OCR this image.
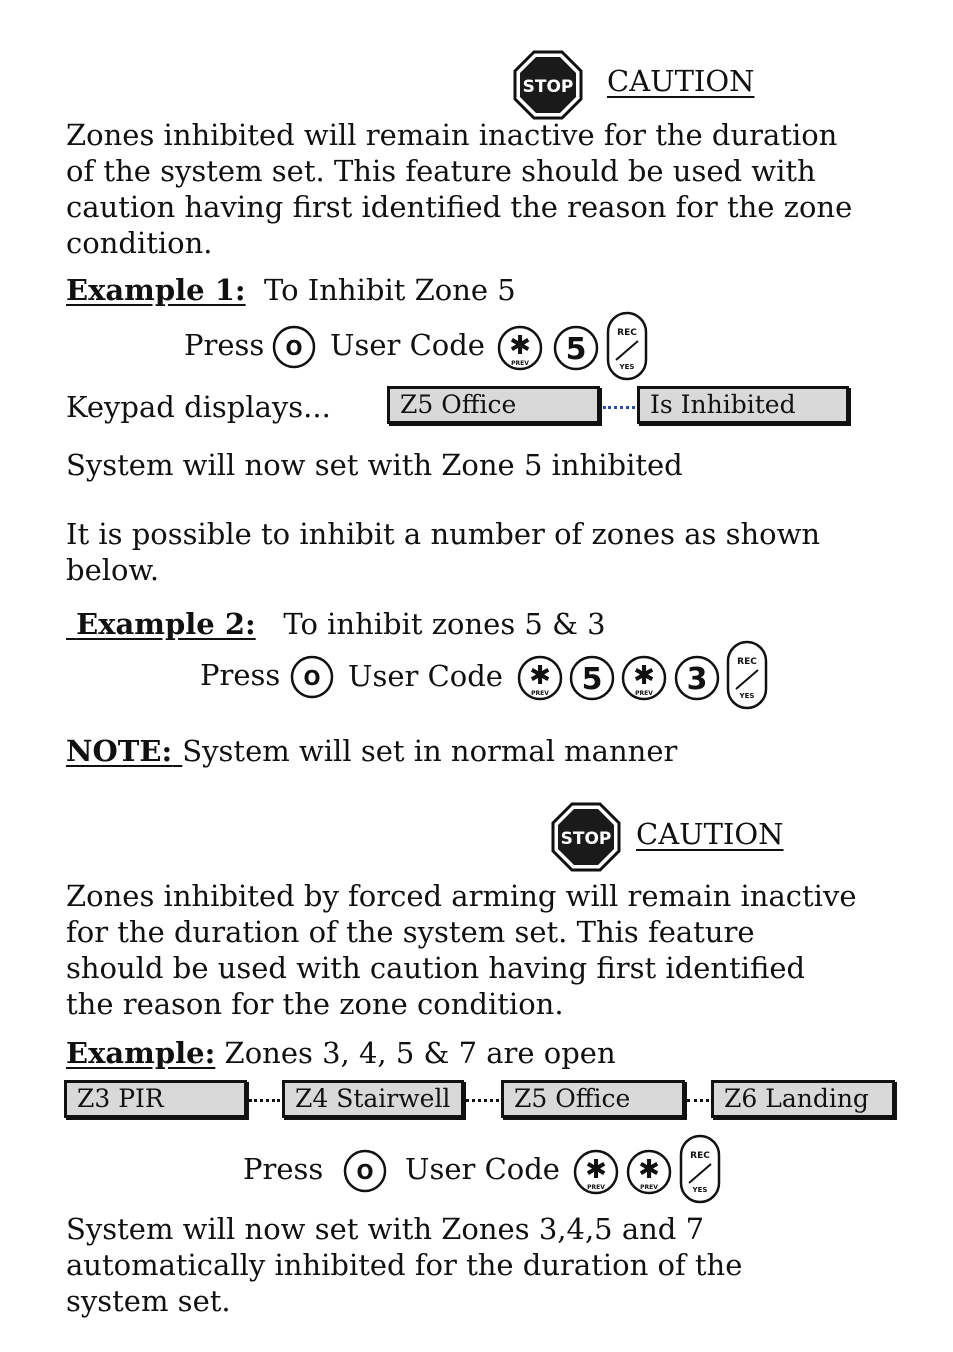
STOP CAUTION
Zones inhibited will remain inactive for the duration
of the system set. This feature should be used with
caution having first identified the reason for the zone
condition.
Example 1: To Inhibit Zone 5
Press O User Code ✱
PREV 5	REC
YES
Keypad displays...	Z5 Office	Is Inhibited
System will now set with Zone 5 inhibited
It is possible to inhibit a number of zones as shown
below.
Example 2: To inhibit zones 5 & 3
Press O User Code ✱
PREV 5 ✱
PREV 3	REC
YES
NOTE: System will set in normal manner
STOP CAUTION
Zones inhibited by forced arming will remain inactive
for the duration of the system set. This feature
should be used with caution having first identified
the reason for the zone condition.
Example: Zones 3, 4, 5 & 7 are open
Z3 PIR	Z4 Stairwell	Z5 Office	Z6 Landing
Press O User Code ✱
PREV
✱
PREV
REC
YES
System will now set with Zones 3,4,5 and 7
automatically inhibited for the duration of the
system set.
